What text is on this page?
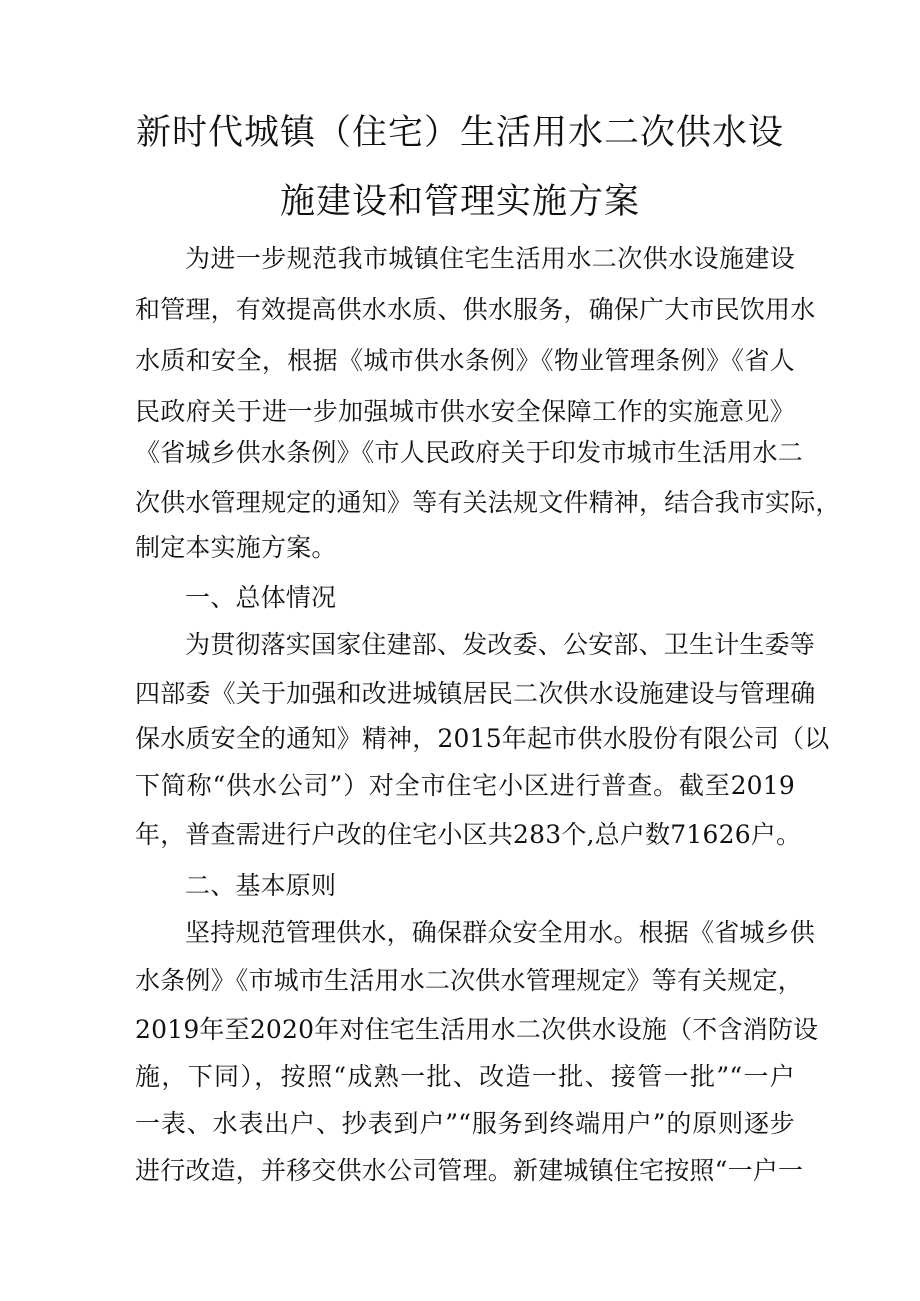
新时代城镇（住宅）生活用水二次供水设
施建设和管理实施方案
为进一步规范我市城镇住宅生活用水二次供水设施建设
和管理，有效提高供水水质、供水服务，确保广大市民饮用水
水质和安全，根据《城市供水条例》《物业管理条例》《省人
民政府关于进一步加强城市供水安全保障工作的实施意见》
《省城乡供水条例》《市人民政府关于印发市城市生活用水二
次供水管理规定的通知》等有关法规文件精神，结合我市实际，
制定本实施方案。
一、总体情况
为贯彻落实国家住建部、发改委、公安部、卫生计生委等
四部委《关于加强和改进城镇居民二次供水设施建设与管理确
保水质安全的通知》精神，2015年起市供水股份有限公司（以
下简称“供水公司”）对全市住宅小区进行普查。截至2019
年，普查需进行户改的住宅小区共283个,总户数71626户。
二、基本原则
坚持规范管理供水，确保群众安全用水。根据《省城乡供
水条例》《市城市生活用水二次供水管理规定》等有关规定，
2019年至2020年对住宅生活用水二次供水设施（不含消防设
施，下同），按照“成熟一批、改造一批、接管一批”“一户
一表、水表出户、抄表到户”“服务到终端用户”的原则逐步
进行改造，并移交供水公司管理。新建城镇住宅按照“一户一
